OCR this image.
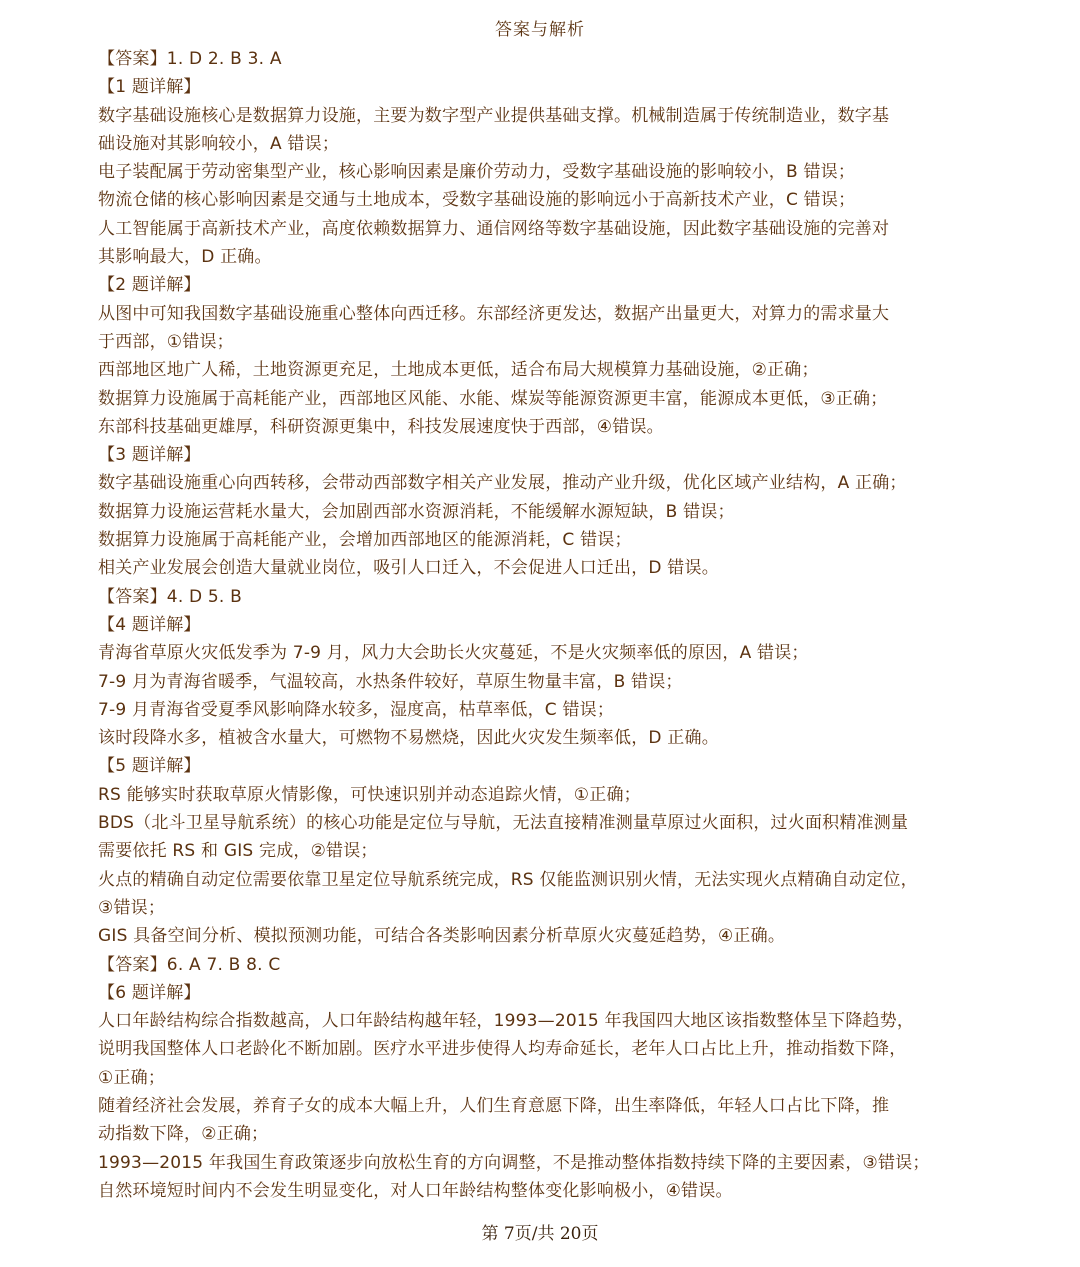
答案与解析
【答案】1. D 2. B 3. A
【1 题详解】
数字基础设施核心是数据算力设施，主要为数字型产业提供基础支撑。机械制造属于传统制造业，数字基
础设施对其影响较小，A 错误；
电子装配属于劳动密集型产业，核心影响因素是廉价劳动力，受数字基础设施的影响较小，B 错误；
物流仓储的核心影响因素是交通与土地成本，受数字基础设施的影响远小于高新技术产业，C 错误；
人工智能属于高新技术产业，高度依赖数据算力、通信网络等数字基础设施，因此数字基础设施的完善对
其影响最大，D 正确。
【2 题详解】
从图中可知我国数字基础设施重心整体向西迁移。东部经济更发达，数据产出量更大，对算力的需求量大
于西部，①错误；
西部地区地广人稀，土地资源更充足，土地成本更低，适合布局大规模算力基础设施，②正确；
数据算力设施属于高耗能产业，西部地区风能、水能、煤炭等能源资源更丰富，能源成本更低，③正确；
东部科技基础更雄厚，科研资源更集中，科技发展速度快于西部，④错误。
【3 题详解】
数字基础设施重心向西转移，会带动西部数字相关产业发展，推动产业升级，优化区域产业结构，A 正确；
数据算力设施运营耗水量大，会加剧西部水资源消耗，不能缓解水源短缺，B 错误；
数据算力设施属于高耗能产业，会增加西部地区的能源消耗，C 错误；
相关产业发展会创造大量就业岗位，吸引人口迁入，不会促进人口迁出，D 错误。
【答案】4. D 5. B
【4 题详解】
青海省草原火灾低发季为 7-9 月，风力大会助长火灾蔓延，不是火灾频率低的原因，A 错误；
7-9 月为青海省暖季，气温较高，水热条件较好，草原生物量丰富，B 错误；
7-9 月青海省受夏季风影响降水较多，湿度高，枯草率低，C 错误；
该时段降水多，植被含水量大，可燃物不易燃烧，因此火灾发生频率低，D 正确。
【5 题详解】
RS 能够实时获取草原火情影像，可快速识别并动态追踪火情，①正确；
BDS（北斗卫星导航系统）的核心功能是定位与导航，无法直接精准测量草原过火面积，过火面积精准测量
需要依托 RS 和 GIS 完成，②错误；
火点的精确自动定位需要依靠卫星定位导航系统完成，RS 仅能监测识别火情，无法实现火点精确自动定位，
③错误；
GIS 具备空间分析、模拟预测功能，可结合各类影响因素分析草原火灾蔓延趋势，④正确。
【答案】6. A 7. B 8. C
【6 题详解】
人口年龄结构综合指数越高，人口年龄结构越年轻，1993—2015 年我国四大地区该指数整体呈下降趋势，
说明我国整体人口老龄化不断加剧。医疗水平进步使得人均寿命延长，老年人口占比上升，推动指数下降，
①正确；
随着经济社会发展，养育子女的成本大幅上升，人们生育意愿下降，出生率降低，年轻人口占比下降，推
动指数下降，②正确；
1993—2015 年我国生育政策逐步向放松生育的方向调整，不是推动整体指数持续下降的主要因素，③错误；
自然环境短时间内不会发生明显变化，对人口年龄结构整体变化影响极小，④错误。
第 7页/共 20页
